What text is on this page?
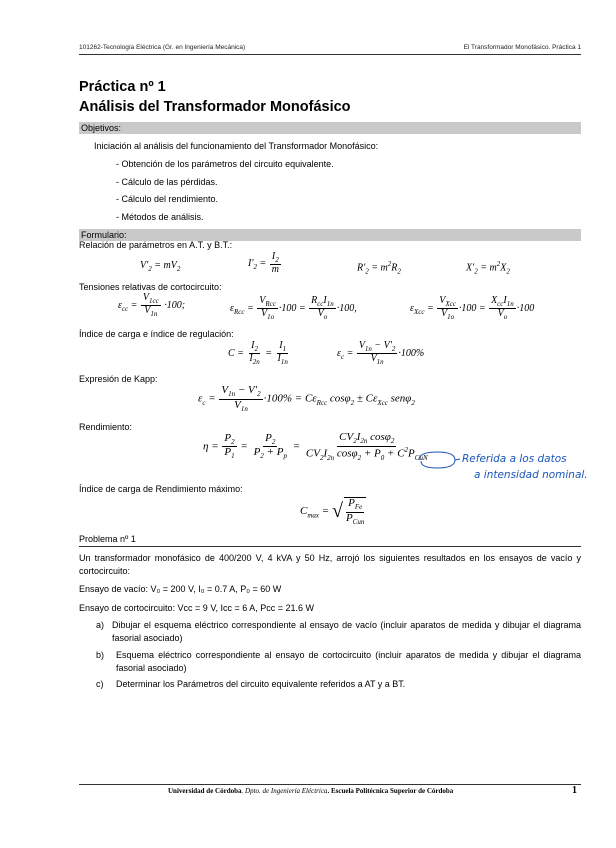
101262-Tecnología Eléctrica (Gr. en Ingeniería Mecánica)	El Transformador Monofásico. Práctica 1
Práctica nº 1
Análisis del Transformador Monofásico
Objetivos:
Iniciación al análisis del funcionamiento del Transformador Monofásico:
- Obtención de los parámetros del circuito equivalente.
- Cálculo de las pérdidas.
- Cálculo del rendimiento.
- Métodos de análisis.
Formulario:
Relación de parámetros en A.T. y B.T.:
$V'_2 = mV_2$	$I'_2 = \frac{I_2}{m}$	$R'_2 = m^2R_2$	$X'_2 = m^2X_2$
Tensiones relativas de cortocircuito:
$\varepsilon_{cc} = \frac{V_{1cc}}{V_{1n}} \cdot 100$;	$\varepsilon_{Rcc} = \frac{V_{Rcc}}{V_{1o}} \cdot 100 = \frac{R_{cc}I_{1n}}{V_o} \cdot 100$,	$\varepsilon_{Xcc} = \frac{V_{Xcc}}{V_{1o}} \cdot 100 = \frac{X_{cc}I_{1n}}{V_o} \cdot 100$
Índice de carga e índice de regulación:
$C = \frac{I_2}{I_{2n}} = \frac{I_1}{I_{1n}}$	$\varepsilon_c = \frac{V_{1n} - V'_2}{V_{1n}} \cdot 100\%$
Expresión de Kapp:
$\varepsilon_c = \frac{V_{1n} - V'_2}{V_{1n}} \cdot 100\% = C\varepsilon_{Rcc}$ $\cos\varphi_2 \pm C\varepsilon_{Xcc}$ senφ$_2$
Rendimiento:
$\eta = \frac{P_2}{P_1} = \frac{P_2}{P_2 + P_p} = \frac{CV_2I_{2n} \cos\varphi_2}{CV_2I_{2n} \cos\varphi_2 + P_0 + C^2P_{CuN}}$	Referida a los datos
a intensidad nominal.
Índice de carga de Rendimiento máximo:
$C_{max}$ = √ $\frac{P_{Fe}}{P_{Cun}}$
Problema nº 1
Un transformador monofásico de 400/200 V, 4 kVA y 50 Hz, arrojó los siguientes resultados en los ensayos de vacío y cortocircuito:
Ensayo de vacío: V₀ = 200 V, I₀ = 0.7 A, P₀ = 60 W
Ensayo de cortocircuito: Vcc = 9 V, Icc = 6 A, Pcc = 21.6 W
a) Dibujar el esquema eléctrico correspondiente al ensayo de vacío (incluir aparatos de medida y dibujar el diagrama fasorial asociado)
b) Esquema eléctrico correspondiente al ensayo de cortocircuito (incluir aparatos de medida y dibujar el diagrama fasorial asociado)
c) Determinar los Parámetros del circuito equivalente referidos a AT y a BT.
Universidad de Córdoba. Dpto. de Ingeniería Eléctrica. Escuela Politécnica Superior de Córdoba	1
